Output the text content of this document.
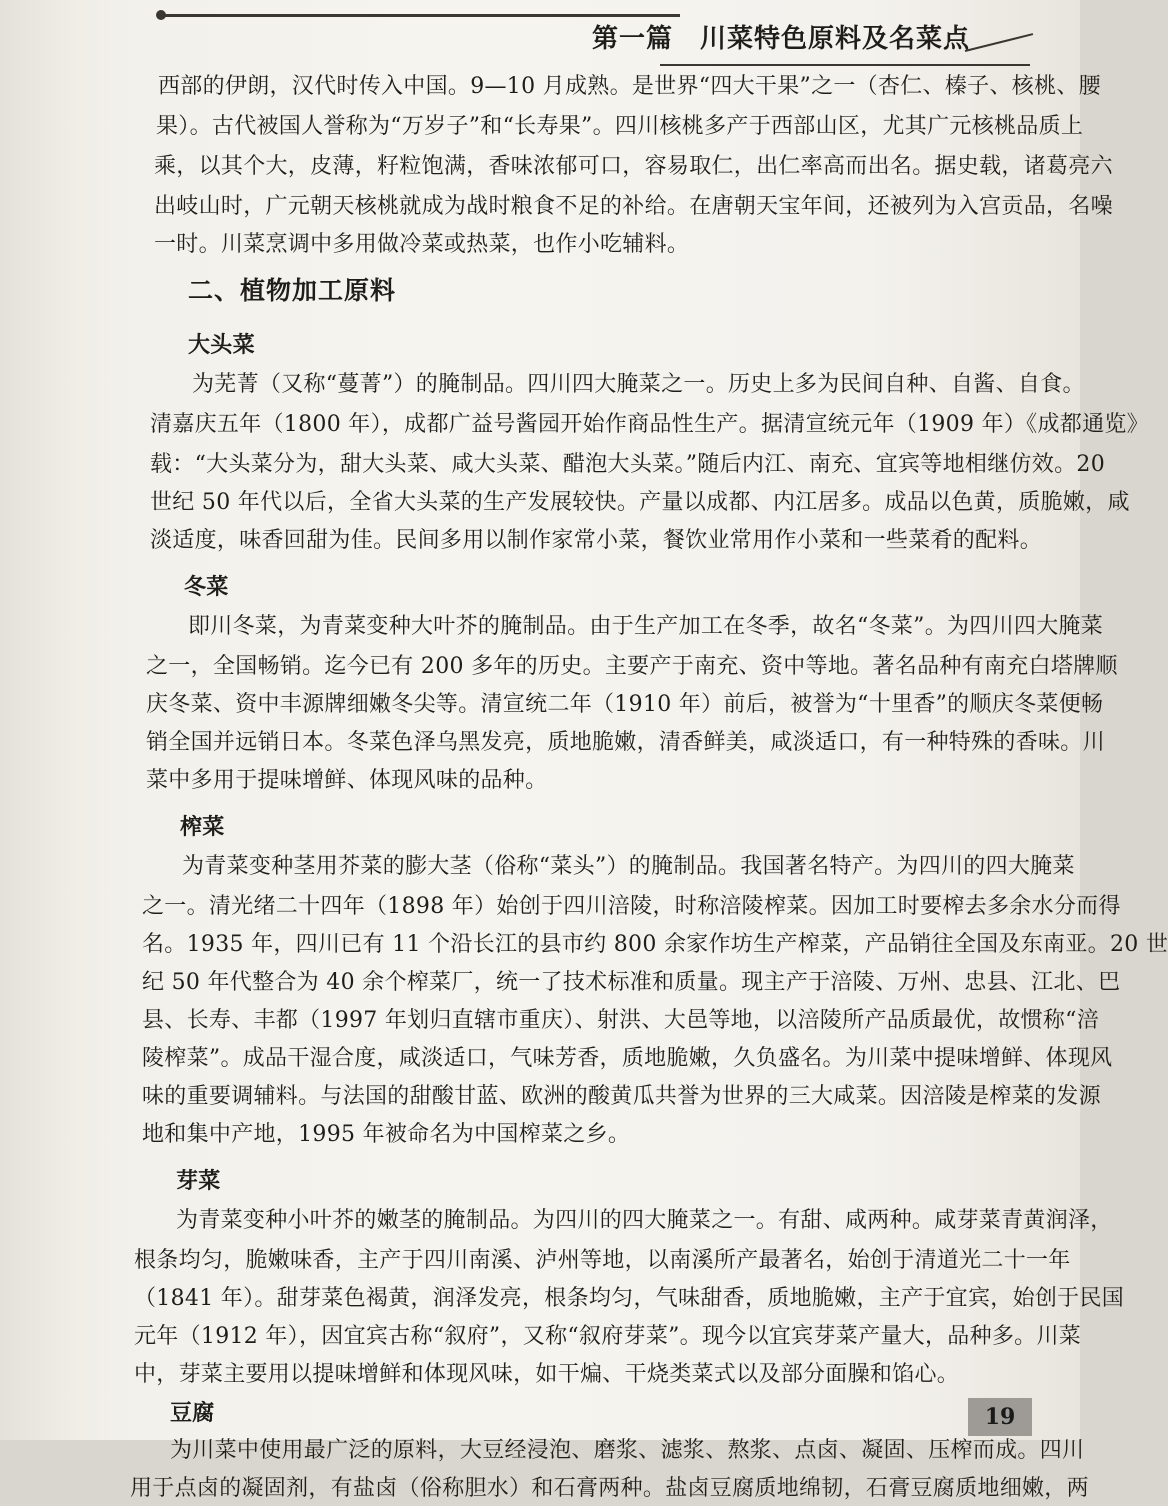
第一篇　川菜特色原料及名菜点
西部的伊朗，汉代时传入中国。9—10 月成熟。是世界“四大干果”之一（杏仁、榛子、核桃、腰
果）。古代被国人誉称为“万岁子”和“长寿果”。四川核桃多产于西部山区，尤其广元核桃品质上
乘，以其个大，皮薄，籽粒饱满，香味浓郁可口，容易取仁，出仁率高而出名。据史载，诸葛亮六
出岐山时，广元朝天核桃就成为战时粮食不足的补给。在唐朝天宝年间，还被列为入宫贡品，名噪
一时。川菜烹调中多用做冷菜或热菜，也作小吃辅料。
二、植物加工原料
大头菜
为芜菁（又称“蔓菁”）的腌制品。四川四大腌菜之一。历史上多为民间自种、自酱、自食。
清嘉庆五年（1800 年），成都广益号酱园开始作商品性生产。据清宣统元年（1909 年）《成都通览》
载：“大头菜分为，甜大头菜、咸大头菜、醋泡大头菜。”随后内江、南充、宜宾等地相继仿效。20
世纪 50 年代以后，全省大头菜的生产发展较快。产量以成都、内江居多。成品以色黄，质脆嫩，咸
淡适度，味香回甜为佳。民间多用以制作家常小菜，餐饮业常用作小菜和一些菜肴的配料。
冬菜
即川冬菜，为青菜变种大叶芥的腌制品。由于生产加工在冬季，故名“冬菜”。为四川四大腌菜
之一，全国畅销。迄今已有 200 多年的历史。主要产于南充、资中等地。著名品种有南充白塔牌顺
庆冬菜、资中丰源牌细嫩冬尖等。清宣统二年（1910 年）前后，被誉为“十里香”的顺庆冬菜便畅
销全国并远销日本。冬菜色泽乌黑发亮，质地脆嫩，清香鲜美，咸淡适口，有一种特殊的香味。川
菜中多用于提味增鲜、体现风味的品种。
榨菜
为青菜变种茎用芥菜的膨大茎（俗称“菜头”）的腌制品。我国著名特产。为四川的四大腌菜
之一。清光绪二十四年（1898 年）始创于四川涪陵，时称涪陵榨菜。因加工时要榨去多余水分而得
名。1935 年，四川已有 11 个沿长江的县市约 800 余家作坊生产榨菜，产品销往全国及东南亚。20 世
纪 50 年代整合为 40 余个榨菜厂，统一了技术标准和质量。现主产于涪陵、万州、忠县、江北、巴
县、长寿、丰都（1997 年划归直辖市重庆）、射洪、大邑等地，以涪陵所产品质最优，故惯称“涪
陵榨菜”。成品干湿合度，咸淡适口，气味芳香，质地脆嫩，久负盛名。为川菜中提味增鲜、体现风
味的重要调辅料。与法国的甜酸甘蓝、欧洲的酸黄瓜共誉为世界的三大咸菜。因涪陵是榨菜的发源
地和集中产地，1995 年被命名为中国榨菜之乡。
芽菜
为青菜变种小叶芥的嫩茎的腌制品。为四川的四大腌菜之一。有甜、咸两种。咸芽菜青黄润泽，
根条均匀，脆嫩味香，主产于四川南溪、泸州等地，以南溪所产最著名，始创于清道光二十一年
（1841 年）。甜芽菜色褐黄，润泽发亮，根条均匀，气味甜香，质地脆嫩，主产于宜宾，始创于民国
元年（1912 年），因宜宾古称“叙府”，又称“叙府芽菜”。现今以宜宾芽菜产量大，品种多。川菜
中，芽菜主要用以提味增鲜和体现风味，如干煸、干烧类菜式以及部分面臊和馅心。
豆腐
为川菜中使用最广泛的原料，大豆经浸泡、磨浆、滤浆、熬浆、点卤、凝固、压榨而成。四川
用于点卤的凝固剂，有盐卤（俗称胆水）和石膏两种。盐卤豆腐质地绵韧，石膏豆腐质地细嫩，两
19
